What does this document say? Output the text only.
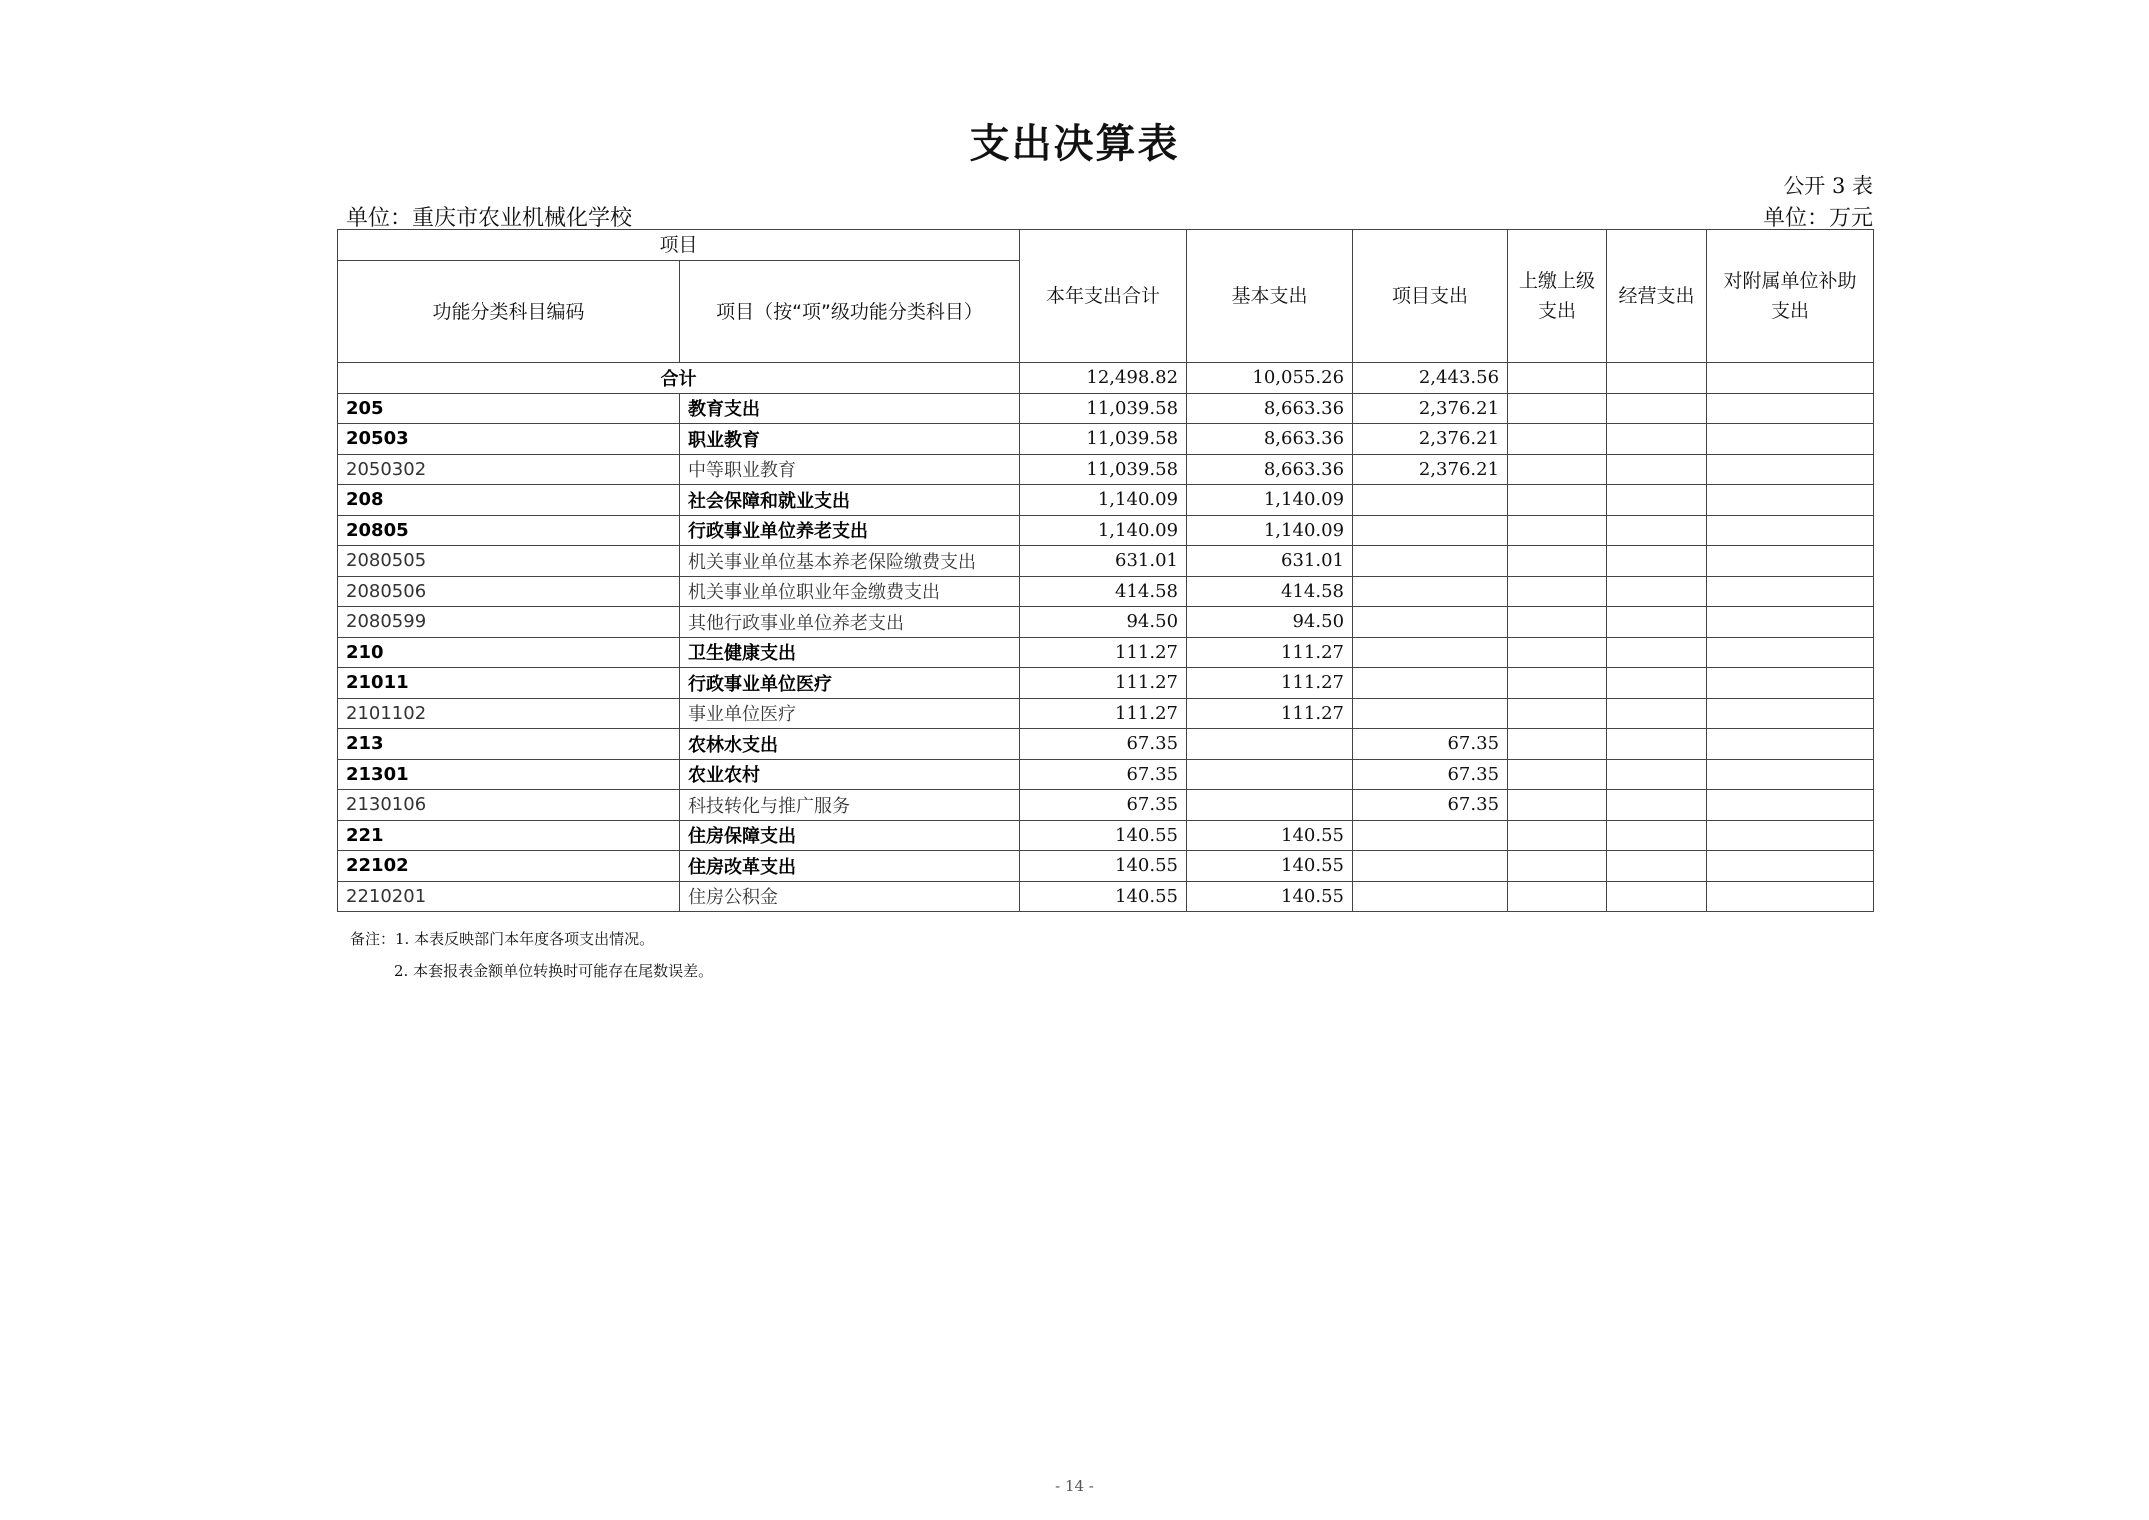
支出决算表
公开 3 表
单位：重庆市农业机械化学校	单位：万元
项目		本年支出合计	基本支出	项目支出	上缴上级支出	经营支出	对附属单位补助支出
功能分类科目编码	项目（按“项”级功能分类科目）						
合计		12,498.82	10,055.26	2,443.56			
205	教育支出	11,039.58	8,663.36	2,376.21			
20503	职业教育	11,039.58	8,663.36	2,376.21			
2050302	中等职业教育	11,039.58	8,663.36	2,376.21			
208	社会保障和就业支出	1,140.09	1,140.09				
20805	行政事业单位养老支出	1,140.09	1,140.09				
2080505	机关事业单位基本养老保险缴费支出	631.01	631.01				
2080506	机关事业单位职业年金缴费支出	414.58	414.58				
2080599	其他行政事业单位养老支出	94.50	94.50				
210	卫生健康支出	111.27	111.27				
21011	行政事业单位医疗	111.27	111.27				
2101102	事业单位医疗	111.27	111.27				
213	农林水支出	67.35		67.35			
21301	农业农村	67.35		67.35			
2130106	科技转化与推广服务	67.35		67.35			
221	住房保障支出	140.55	140.55				
22102	住房改革支出	140.55	140.55				
2210201	住房公积金	140.55	140.55				
备注：1. 本表反映部门本年度各项支出情况。
2. 本套报表金额单位转换时可能存在尾数误差。
- 14 -
